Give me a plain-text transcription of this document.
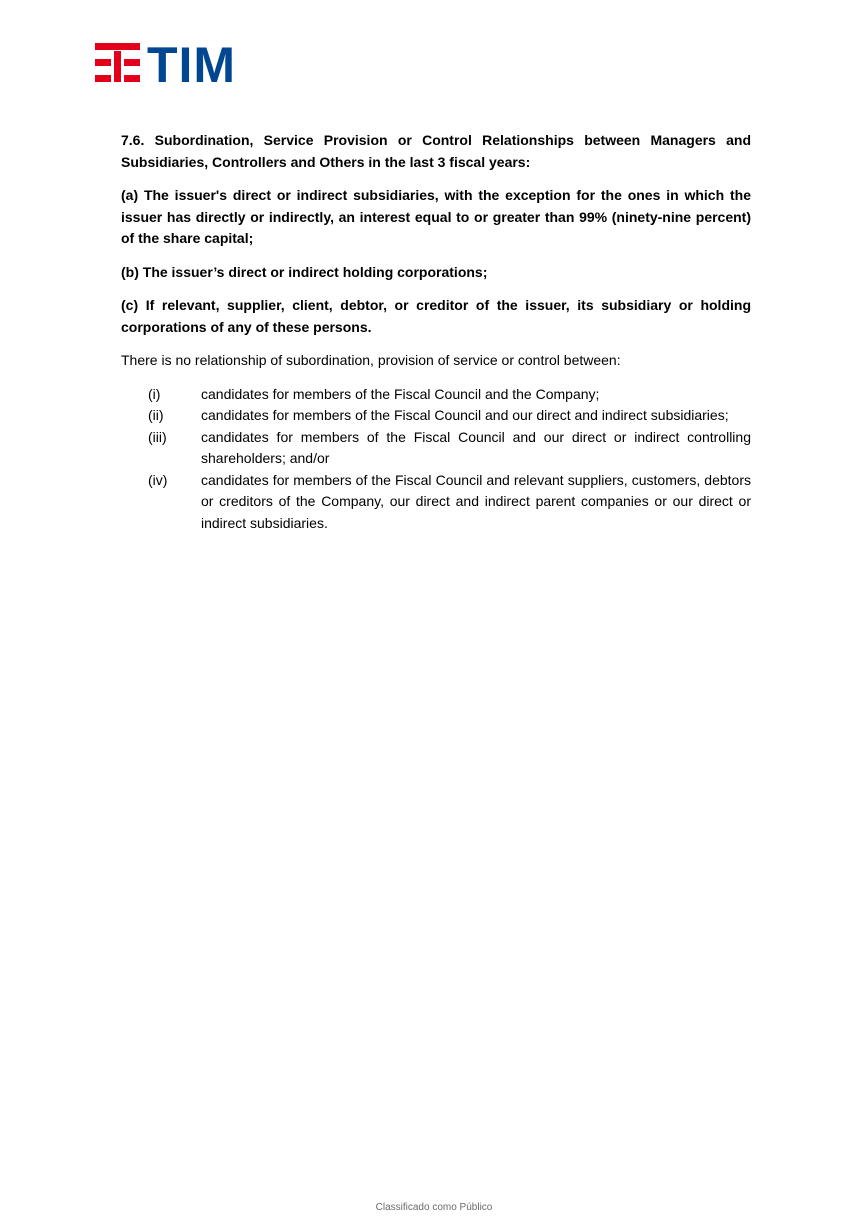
TIM

7.6. Subordination, Service Provision or Control Relationships between Managers and Subsidiaries, Controllers and Others in the last 3 fiscal years:

(a) The issuer's direct or indirect subsidiaries, with the exception for the ones in which the issuer has directly or indirectly, an interest equal to or greater than 99% (ninety-nine percent) of the share capital;

(b) The issuer’s direct or indirect holding corporations;

(c) If relevant, supplier, client, debtor, or creditor of the issuer, its subsidiary or holding corporations of any of these persons.

There is no relationship of subordination, provision of service or control between:

(i)	candidates for members of the Fiscal Council and the Company;
(ii)	candidates for members of the Fiscal Council and our direct and indirect subsidiaries;
(iii)	candidates for members of the Fiscal Council and our direct or indirect controlling shareholders; and/or
(iv)	candidates for members of the Fiscal Council and relevant suppliers, customers, debtors or creditors of the Company, our direct and indirect parent companies or our direct or indirect subsidiaries.
Classificado como Público
